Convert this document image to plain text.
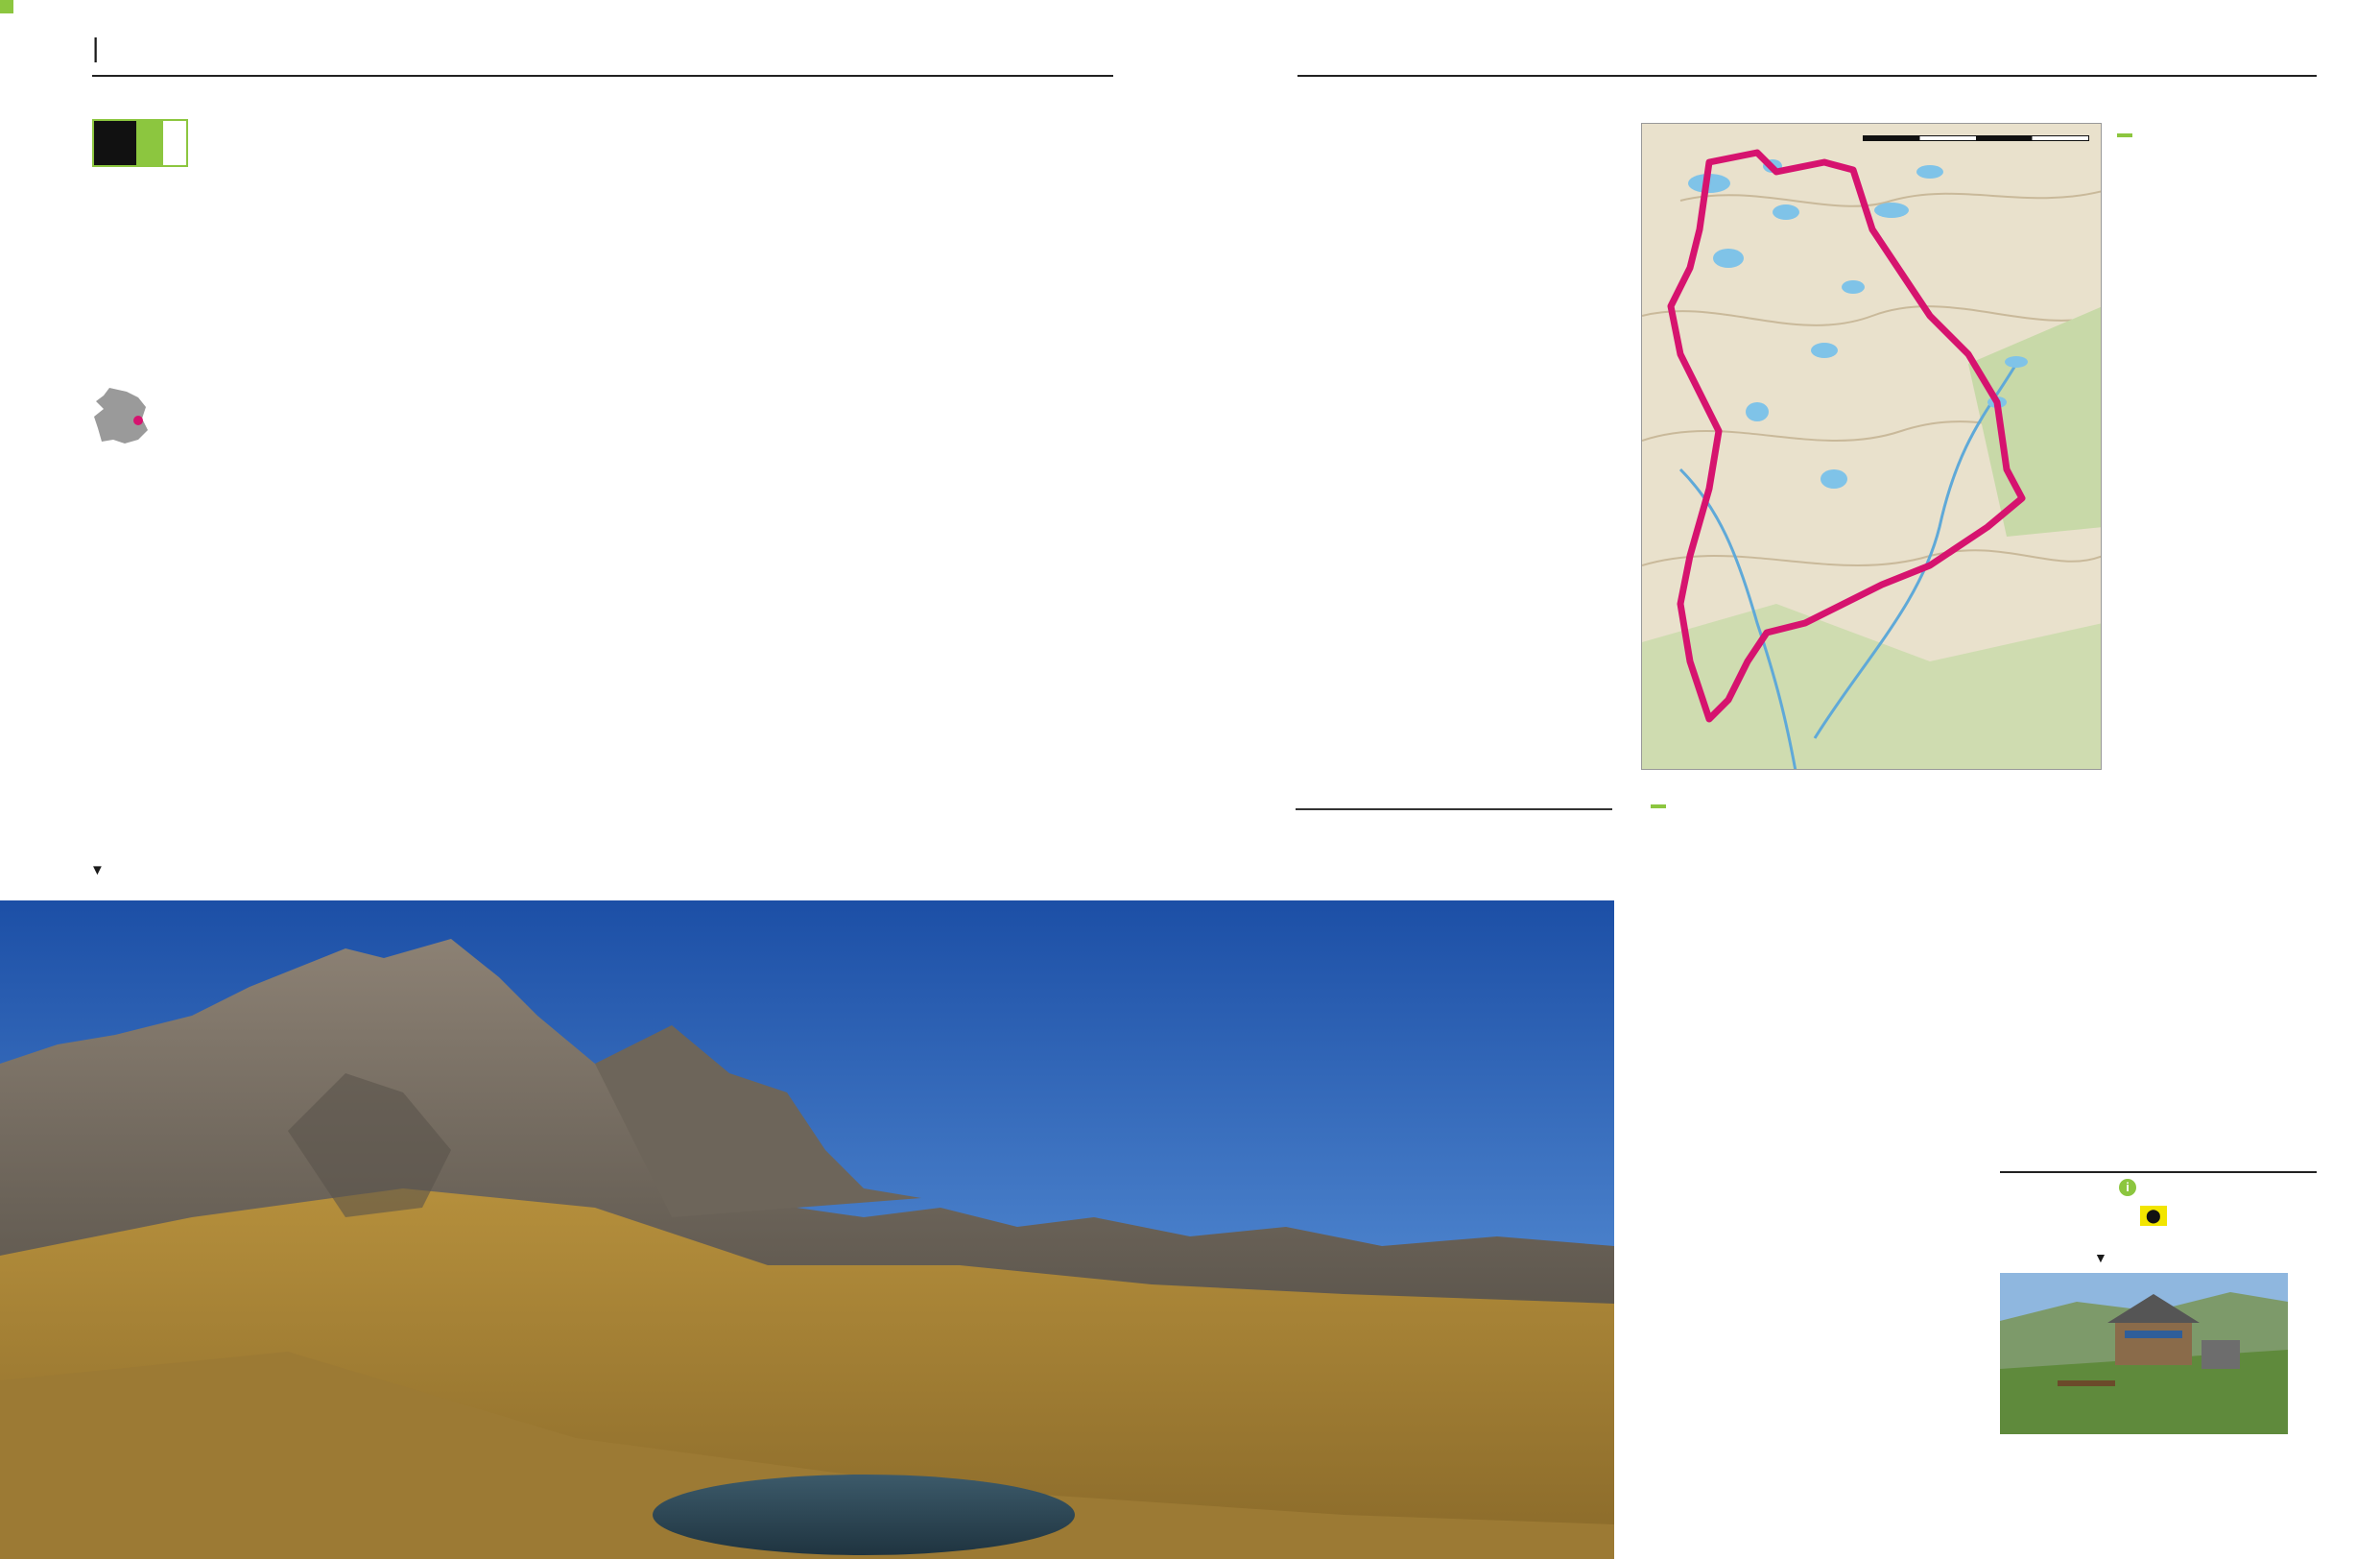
|
▼
i
⬤
▼
